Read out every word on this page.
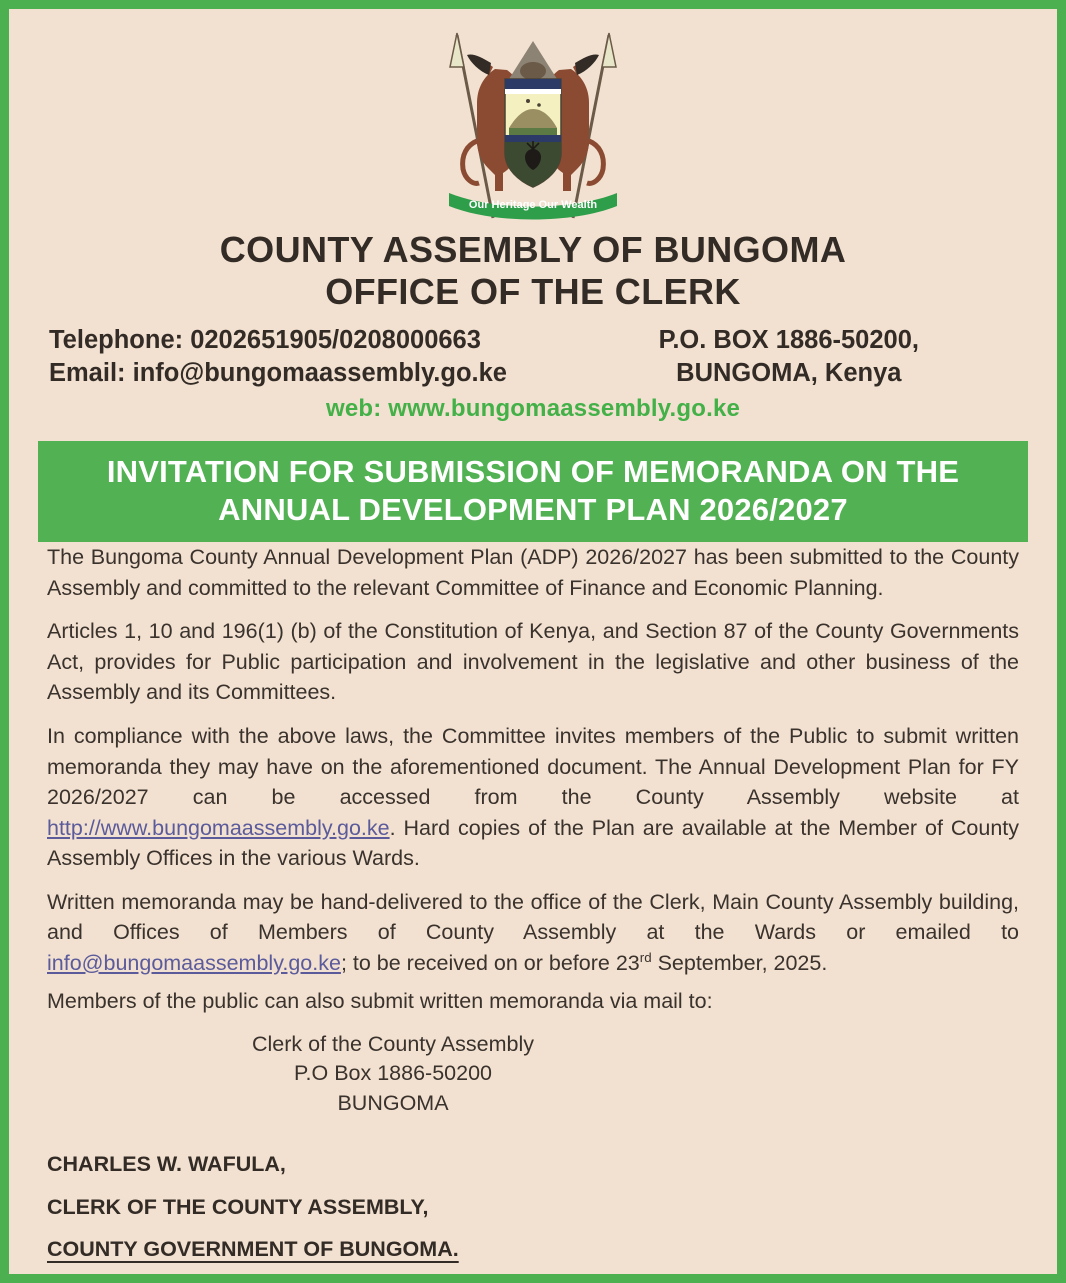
Our Heritage Our Wealth
COUNTY ASSEMBLY OF BUNGOMA
OFFICE OF THE CLERK
Telephone: 0202651905/0208000663
Email: info@bungomaassembly.go.ke
P.O. BOX 1886-50200,
BUNGOMA, Kenya
web: www.bungomaassembly.go.ke
INVITATION FOR SUBMISSION OF MEMORANDA ON THE
ANNUAL DEVELOPMENT PLAN 2026/2027

The Bungoma County Annual Development Plan (ADP) 2026/2027 has been submitted to the County Assembly and committed to the relevant Committee of Finance and Economic Planning.

Articles 1, 10 and 196(1) (b) of the Constitution of Kenya, and Section 87 of the County Governments Act, provides for Public participation and involvement in the legislative and other business of the Assembly and its Committees.

In compliance with the above laws, the Committee invites members of the Public to submit written memoranda they may have on the aforementioned document. The Annual Development Plan for FY 2026/2027 can be accessed from the County Assembly website at http://www.bungomaassembly.go.ke. Hard copies of the Plan are available at the Member of County Assembly Offices in the various Wards.

Written memoranda may be hand-delivered to the office of the Clerk, Main County Assembly building, and Offices of Members of County Assembly at the Wards or emailed to info@bungomaassembly.go.ke; to be received on or before 23rd September, 2025.

Members of the public can also submit written memoranda via mail to:

Clerk of the County Assembly
P.O Box 1886-50200
BUNGOMA
CHARLES W. WAFULA,
CLERK OF THE COUNTY ASSEMBLY,
COUNTY GOVERNMENT OF BUNGOMA.
